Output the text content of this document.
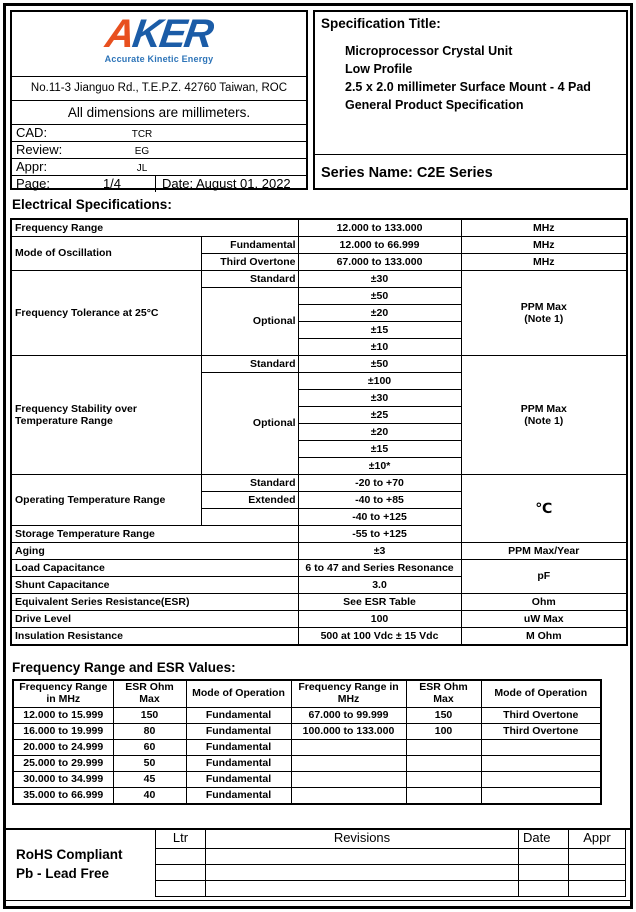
AKER
Accurate Kinetic Energy
No.11-3 Jianguo Rd., T.E.P.Z. 42760 Taiwan, ROC
All dimensions are millimeters.
CAD:	TCR
Review:	EG
Appr:	JL
Page:	1/4	Date: August 01, 2022
Specification Title:
Microprocessor Crystal Unit
Low Profile
2.5 x 2.0 millimeter Surface Mount - 4 Pad
General Product Specification
Series Name: C2E Series
Electrical Specifications:
Frequency Range		12.000 to 133.000	MHz
Mode of Oscillation	Fundamental	12.000 to 66.999	MHz
	Third Overtone	67.000 to 133.000	MHz
Frequency Tolerance at 25°C	Standard	±30	PPM Max
(Note 1)

	Optional	±50	
		±20	
		±15	
		±10	
Frequency Stability over Temperature Range	Standard	±50	PPM Max
(Note 1)

	Optional	±100	
		±30	
		±25	
		±20	
		±15	
		±10*	
Operating Temperature Range	Standard	-20 to +70	℃
	Extended	-40 to +85	
		-40 to +125	
Storage Temperature Range		-55 to +125	
Aging		±3	PPM Max/Year
Load Capacitance		6 to 47 and Series Resonance	pF
Shunt Capacitance		3.0	
Equivalent Series Resistance(ESR)		See ESR Table	Ohm
Drive Level		100	uW Max
Insulation Resistance		500 at 100 Vdc ± 15 Vdc	M Ohm
Frequency Range and ESR Values:
Frequency Range in MHz	ESR Ohm Max	Mode of Operation	Frequency Range in MHz	ESR Ohm Max	Mode of Operation
12.000 to 15.999	150	Fundamental	67.000 to 99.999	150	Third Overtone
16.000 to 19.999	80	Fundamental	100.000 to 133.000	100	Third Overtone
20.000 to 24.999	60	Fundamental			
25.000 to 29.999	50	Fundamental			
30.000 to 34.999	45	Fundamental			
35.000 to 66.999	40	Fundamental			
RoHS Compliant
Pb - Lead Free
Ltr	Revisions	Date	Appr
